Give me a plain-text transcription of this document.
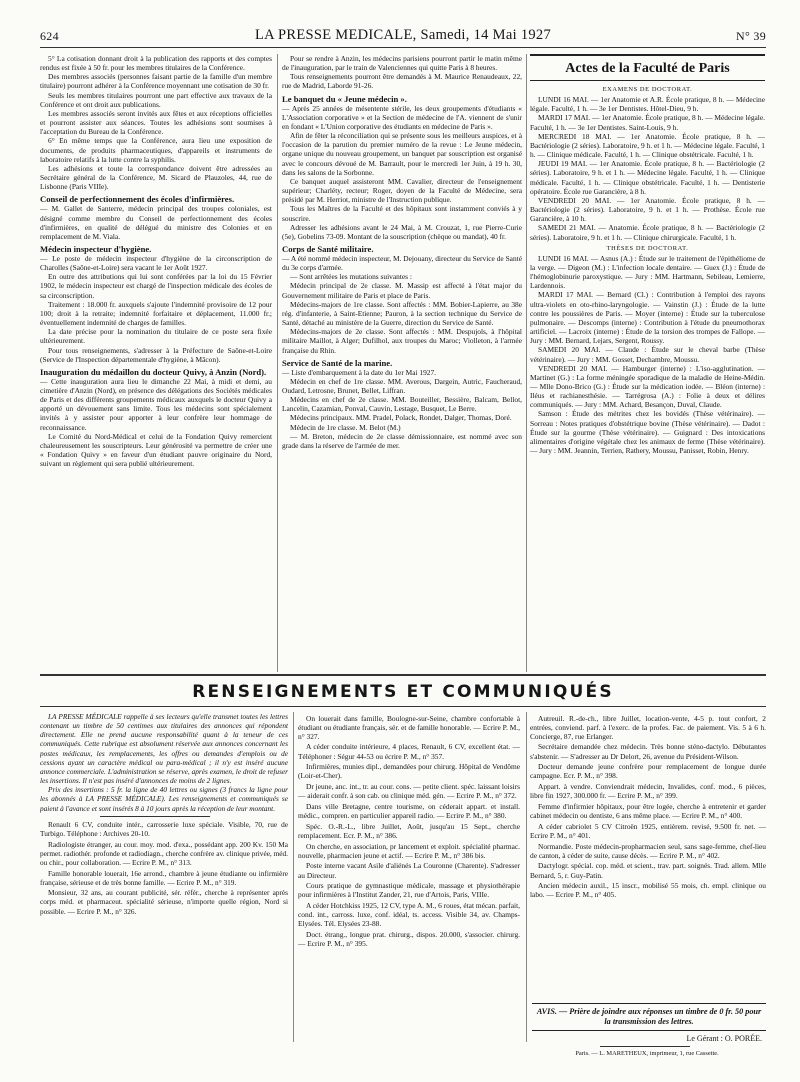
624	LA PRESSE MEDICALE, Samedi, 14 Mai 1927	N° 39

5° La cotisation donnant droit à la publication des rapports et des comptes rendus est fixée à 50 fr. pour les membres titulaires de la Conférence.

Des membres associés (personnes faisant partie de la famille d'un membre titulaire) pourront adhérer à la Conférence moyennant une cotisation de 30 fr.

Seuls les membres titulaires pourront une part effective aux travaux de la Conférence et ont droit aux publications.

Les membres associés seront invités aux fêtes et aux réceptions officielles et pourront assister aux séances. Toutes les adhésions sont soumises à l'acceptation du Bureau de la Conférence.

6° En même temps que la Conférence, aura lieu une exposition de documents, de produits pharmaceutiques, d'appareils et instruments de laboratoire relatifs à la lutte contre la syphilis.

Les adhésions et toute la correspondance doivent être adressées au Secrétaire général de la Conférence, M. Sicard de Plauzoles, 44, rue de Lisbonne (Paris VIIIe).

Conseil de perfectionnement des écoles d'infirmières.

— M. Gallet de Santerre, médecin principal des troupes coloniales, est désigné comme membre du Conseil de perfectionnement des écoles d'infirmières, en qualité de délégué du ministre des Colonies et en remplacement de M. Viala.

Médecin inspecteur d'hygiène.

— Le poste de médecin inspecteur d'hygiène de la circonscription de Charolles (Saône-et-Loire) sera vacant le 1er Août 1927.

En outre des attributions qui lui sont conférées par la loi du 15 Février 1902, le médecin inspecteur est chargé de l'inspection médicale des écoles de sa circonscription.

Traitement : 18.000 fr. auxquels s'ajoute l'indemnité provisoire de 12 pour 100; droit à la retraite; indemnité forfaitaire et déplacement, 11.000 fr.; éventuellement indemnité de charges de familles.

La date précise pour la nomination du titulaire de ce poste sera fixée ultérieurement.

Pour tous renseignements, s'adresser à la Préfecture de Saône-et-Loire (Service de l'Inspection départementale d'hygiène, à Mâcon).

Inauguration du médaillon du docteur Quivy, à Anzin (Nord).

— Cette inauguration aura lieu le dimanche 22 Mai, à midi et demi, au cimetière d'Anzin (Nord), en présence des délégations des Sociétés médicales de Paris et des différents groupements médicaux auxquels le docteur Quivy a apporté un dévouement sans limite. Tous les médecins sont spécialement invités à y assister pour apporter à leur confrère leur hommage de reconnaissance.

Le Comité du Nord-Médical et celui de la Fondation Quivy remercient chaleureusement les souscripteurs. Leur générosité va permettre de créer une « Fondation Quivy » en faveur d'un étudiant pauvre originaire du Nord, suivant un règlement qui sera publié ultérieurement.

Pour se rendre à Anzin, les médecins parisiens pourront partir le matin même de l'inauguration, par le train de Valenciennes qui quitte Paris à 8 heures.

Tous renseignements pourront être demandés à M. Maurice Renaudeaux, 22, rue de Madrid, Laborde 91-26.

Le banquet du « Jeune médecin ».

— Après 25 années de mésentente stérile, les deux groupements d'étudiants « L'Association corporative » et la Section de médecine de l'A. viennent de s'unir en fondant « L'Union corporative des étudiants en médecine de Paris ».

Afin de fêter la réconciliation qui se présente sous les meilleurs auspices, et à l'occasion de la parution du premier numéro de la revue : Le Jeune médecin, organe unique du nouveau groupement, un banquet par souscription est organisé avec le concours dévoué de M. Barrault, pour le mercredi 1er Juin, à 19 h. 30, dans les salons de la Sorbonne.

Ce banquet auquel assisteront MM. Cavalier, directeur de l'enseignement supérieur; Charléty, recteur; Roger, doyen de la Faculté de Médecine, sera présidé par M. Herriot, ministre de l'Instruction publique.

Tous les Maîtres de la Faculté et des hôpitaux sont instamment conviés à y souscrire.

Adresser les adhésions avant le 24 Mai, à M. Crouzat, 1, rue Pierre-Curie (5e), Gobelins 73-09. Montant de la souscription (chèque ou mandat), 40 fr.

Corps de Santé militaire.

— A été nommé médecin inspecteur, M. Dejouany, directeur du Service de Santé du 3e corps d'armée.

— Sont arrêtées les mutations suivantes :

Médecin principal de 2e classe. M. Massip est affecté à l'état major du Gouvernement militaire de Paris et place de Paris.

Médecins-majors de 1re classe. Sont affectés : MM. Bobier-Lapierre, au 38e rég. d'infanterie, à Saint-Etienne; Pauron, à la section technique du Service de Santé, détaché au ministère de la Guerre, direction du Service de Santé.

Médecins-majors de 2e classe. Sont affectés : MM. Despujols, à l'hôpital militaire Maillot, à Alger; Dufilhol, aux troupes du Maroc; Violleton, à l'armée française du Rhin.

Service de Santé de la marine.

— Liste d'embarquement à la date du 1er Mai 1927.

Médecin en chef de 1re classe. MM. Averous, Dargein, Autric, Faucheraud, Oudard, Letrosne, Brunet, Bellet, Liffran.

Médecins en chef de 2e classe. MM. Bouteiller, Bessière, Balcam, Bellot, Lancelin, Cazamian, Ponval, Cauvin, Lestage, Busquet, Le Berre.

Médecins principaux. MM. Pradel, Polack, Rondet, Dalger, Thomas, Doré.

Médecin de 1re classe. M. Belot (M.)

— M. Breton, médecin de 2e classe démissionnaire, est nommé avec son grade dans la réserve de l'armée de mer.

Actes de la Faculté de Paris
EXAMENS DE DOCTORAT.

LUNDI 16 MAI. — 1er Anatomie et A.R. École pratique, 8 h. — Médecine légale. Faculté, 1 h. — 3e 1er Dentistes. Hôtel-Dieu, 9 h.

MARDI 17 MAI. — 1er Anatomie. École pratique, 8 h. — Médecine légale. Faculté, 1 h. — 3e 1er Dentistes. Saint-Louis, 9 h.

MERCREDI 18 MAI. — 1er Anatomie. École pratique, 8 h. — Bactériologie (2 séries). Laboratoire, 9 h. et 1 h. — Médecine légale. Faculté, 1 h. — Clinique médicale. Faculté, 1 h. — Clinique obstétricale. Faculté, 1 h.

JEUDI 19 MAI. — 1er Anatomie. École pratique, 8 h. — Bactériologie (2 séries). Laboratoire, 9 h. et 1 h. — Médecine légale. Faculté, 1 h. — Clinique médicale. Faculté, 1 h. — Clinique obstétricale. Faculté, 1 h. — Dentisterie opératoire. École rue Garancière, à 8 h.

VENDREDI 20 MAI. — 1er Anatomie. École pratique, 8 h. — Bactériologie (2 séries). Laboratoire, 9 h. et 1 h. — Prothèse. École rue Garancière, à 10 h.

SAMEDI 21 MAI. — Anatomie. École pratique, 8 h. — Bactériologie (2 séries). Laboratoire, 9 h. et 1 h. — Clinique chirurgicale. Faculté, 1 h.

THÈSES DE DOCTORAT.

LUNDI 16 MAI. — Asnus (A.) : Étude sur le traitement de l'épithéliome de la verge. — Digeon (M.) : L'infection locale dentaire. — Guex (J.) : Étude de l'hémoglobinurie paroxystique. — Jury : MM. Hartmann, Sebileau, Lemierre, Lardennois.

MARDI 17 MAI. — Bernard (Cl.) : Contribution à l'emploi des rayons ultra-violets en oto-rhino-laryngologie. — Vainstin (J.) : Étude de la lutte contre les poussières de Paris. — Moyer (interne) : Étude sur la tuberculose pulmonaire. — Descomps (interne) : Contribution à l'étude du pneumothorax artificiel. — Lacroix (interne) : Étude de la torsion des trompes de Fallope. — Jury : MM. Bernard, Lejars, Sergent, Roussy.

SAMEDI 20 MAI. — Claude : Étude sur le cheval barbe (Thèse vétérinaire). — Jury : MM. Gosset, Dechambre, Moussu.

VENDREDI 20 MAI. — Hamburger (interne) : L'iso-agglutination. — Martinet (G.) : La forme méningée sporadique de la maladie de Heine-Médin. — Mlle Dono-Brico (G.) : Étude sur la médication iodée. — Bléon (interne) : Iléus et rachianesthésie. — Tarrégrosa (A.) : Folie à deux et délires communiqués. — Jury : MM. Achard, Besançon, Duval, Claude.

Samson : Étude des métrites chez les bovidés (Thèse vétérinaire). — Sorreau : Notes pratiques d'obstétrique bovine (Thèse vétérinaire). — Dadot : Étude sur la gourme (Thèse vétérinaire). — Guignard : Des intoxications alimentaires d'origine végétale chez les animaux de ferme (Thèse vétérinaire). — Jury : MM. Jeannin, Terrien, Rathery, Moussu, Panisset, Robin, Henry.

RENSEIGNEMENTS ET COMMUNIQUÉS

LA PRESSE MÉDICALE rappelle à ses lecteurs qu'elle transmet toutes les lettres contenant un timbre de 50 centimes aux titulaires des annonces qui répondent directement. Elle ne prend aucune responsabilité quant à la teneur de ces communiqués. Cette rubrique est absolument réservée aux annonces concernant les postes médicaux, les remplacements, les offres ou demandes d'emplois ou de cessions ayant un caractère médical ou para-médical ; il n'y est inséré aucune annonce commerciale. L'administration se réserve, après examen, le droit de refuser les insertions. Il n'est pas inséré d'annonces de moins de 2 lignes.

Prix des insertions : 5 fr. la ligne de 40 lettres ou signes (3 francs la ligne pour les abonnés à LA PRESSE MÉDICALE). Les renseignements et communiqués se paient à l'avance et sont insérés 8 à 10 jours après la réception de leur montant.

Renault 6 CV, conduite intér., carrosserie luxe spéciale. Visible, 70, rue de Turbigo. Téléphone : Archives 20-10.

Radiologiste étranger, au cour. moy. mod. d'exa., possédant app. 200 Kv. 150 Ma permet. radiothér. profonde et radiodiagn., cherche confrère av. clinique privée, méd. ou chir., pour collaboration. — Ecrire P. M., n° 313.

Famille honorable louerait, 16e arrond., chambre à jeune étudiante ou infirmière française, sérieuse et de très bonne famille. — Ecrire P. M., n° 319.

Monsieur, 32 ans, au courant publicité, sér. référ., cherche à représenter après corps méd. et pharmaceut. spécialité sérieuse, n'importe quelle région, Nord si possible. — Ecrire P. M., n° 326.

On louerait dans famille, Boulogne-sur-Seine, chambre confortable à étudiant ou étudiante français, sér. et de famille honorable. — Ecrire P. M., n° 327.

A céder conduite intérieure, 4 places, Renault, 6 CV, excellent état. — Téléphoner : Ségur 44-53 ou écrire P. M., n° 357.

Infirmières, munies dipl., demandées pour chirurg. Hôpital de Vendôme (Loir-et-Cher).

Dr jeune, anc. int., tr. au cour. cons. — petite client. spéc. laissant loisirs — aiderait confr. à son cab. ou clinique méd. gén. — Ecrire P. M., n° 372.

Dans ville Bretagne, centre tourisme, on céderait appart. et install. médic., compren. en particulier appareil radio. — Ecrire P. M., n° 380.

Spéc. O.-R.-L., libre Juillet, Août, jusqu'au 15 Sept., cherche remplacement. Ecr. P. M., n° 386.

On cherche, en association, pr lancement et exploit. spécialité pharmac. nouvelle, pharmacien jeune et actif. — Ecrire P. M., n° 386 bis.

Poste interne vacant Asile d'aliénés La Couronne (Charente). S'adresser au Directeur.

Cours pratique de gymnastique médicale, massage et physiothérapie pour infirmières à l'Institut Zander, 21, rue d'Artois, Paris, VIIIe.

A céder Hotchkiss 1925, 12 CV, type A. M., 6 roues, état mécan. parfait, cond. int., carross. luxe, conf. idéal, ts. access. Visible 34, av. Champs-Elysées. Tél. Elysées 23-88.

Doct. étrang., longue prat. chirurg., dispos. 20.000, s'associer. chirurg. — Ecrire P. M., n° 395.

Autreuil. R.-de-ch., libre Juillet, location-vente, 4-5 p. tout confort, 2 entrées, conviend. parf. à l'exerc. de la profes. Fac. de paiement. Vis. 5 à 6 h. Concierge, 87, rue Erlanger.

Secrétaire demandée chez médecin. Très bonne sténo-dactylo. Débutantes s'abstenir. — S'adresser au Dr Delort, 26, avenue du Président-Wilson.

Docteur demande jeune confrère pour remplacement de longue durée campagne. Ecr. P. M., n° 398.

Appart. à vendre. Conviendrait médecin, Invalides, conf. mod., 6 pièces, libre fin 1927, 300.000 fr. — Ecrire P. M., n° 399.

Femme d'infirmier hôpitaux, pour être logée, cherche à entretenir et garder cabinet médecin ou dentiste, 6 ans même place. — Ecrire P. M., n° 400.

A céder cabriolet 5 CV Citroën 1925, entièrem. revisé, 9.500 fr. net. — Ecrire P. M., n° 401.

Normandie. Poste médecin-propharmacien seul, sans sage-femme, chef-lieu de canton, à céder de suite, cause décès. — Ecrire P. M., n° 402.

Dactylogr. spécial. cop. méd. et scient., trav. part. soignés. Trad. allem. Mlle Bernard, 5, r. Guy-Patin.

Ancien médecin auxil., 15 inscr., mobilisé 55 mois, ch. empl. clinique ou labo. — Ecrire P. M., n° 405.

AVIS. — Prière de joindre aux réponses un timbre de 0 fr. 50 pour la transmission des lettres.
Le Gérant : O. PORÉE.
Paris. — L. MARETHEUX, imprimeur, 1, rue Cassette.
